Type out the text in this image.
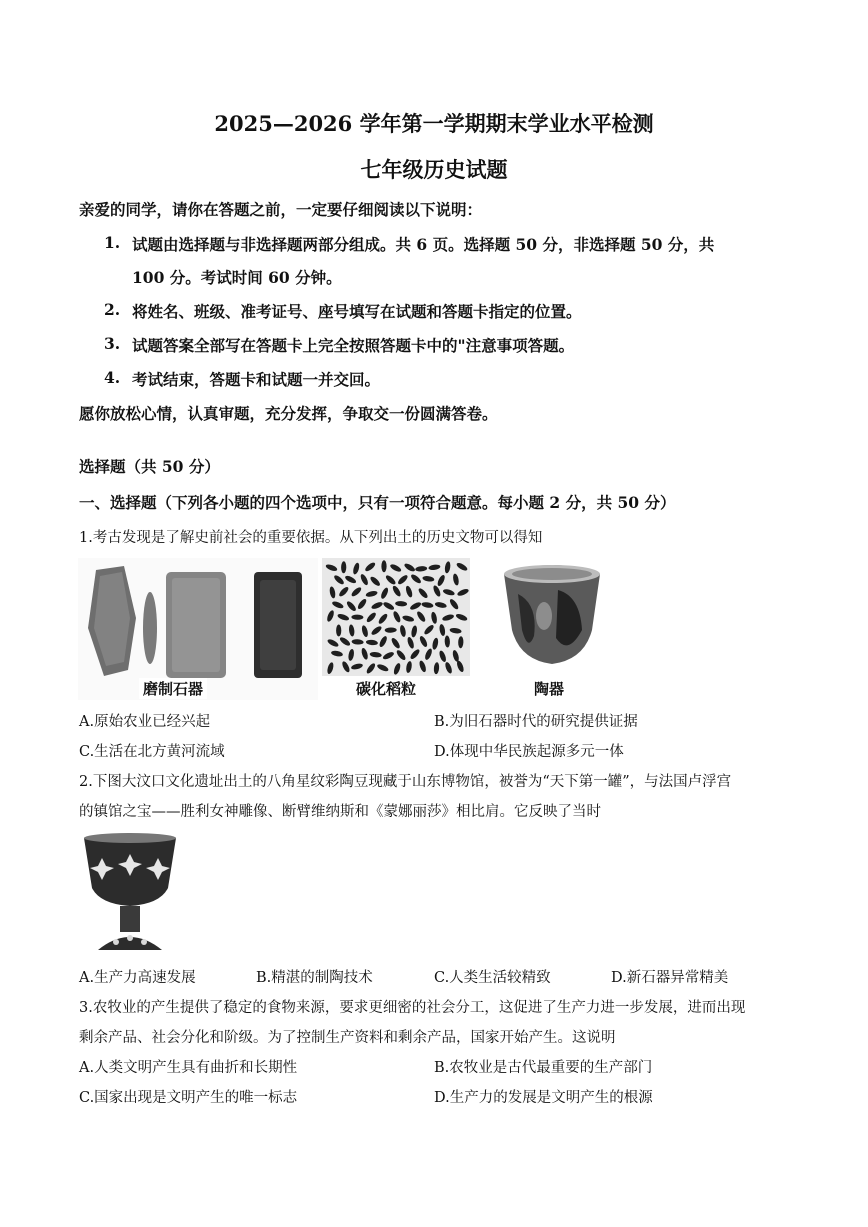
2025—2026 学年第一学期期末学业水平检测
七年级历史试题
亲爱的同学，请你在答题之前，一定要仔细阅读以下说明：
1. 试题由选择题与非选择题两部分组成。共 6 页。选择题 50 分，非选择题 50 分，共
100 分。考试时间 60 分钟。
2. 将姓名、班级、准考证号、座号填写在试题和答题卡指定的位置。
3. 试题答案全部写在答题卡上完全按照答题卡中的"注意事项答题。
4. 考试结束，答题卡和试题一并交回。
愿你放松心情，认真审题，充分发挥，争取交一份圆满答卷。
选择题（共 50 分）
一、选择题（下列各小题的四个选项中，只有一项符合题意。每小题 2 分，共 50 分）
1.考古发现是了解史前社会的重要依据。从下列出土的历史文物可以得知
磨制石器	碳化稻粒	陶器
A.原始农业已经兴起	B.为旧石器时代的研究提供证据
C.生活在北方黄河流域	D.体现中华民族起源多元一体
2.下图大汶口文化遗址出土的八角星纹彩陶豆现藏于山东博物馆，被誉为“天下第一罐”，与法国卢浮宫
的镇馆之宝——胜利女神雕像、断臂维纳斯和《蒙娜丽莎》相比肩。它反映了当时
A.生产力高速发展	B.精湛的制陶技术	C.人类生活较精致	D.新石器异常精美
3.农牧业的产生提供了稳定的食物来源，要求更细密的社会分工，这促进了生产力进一步发展，进而出现
剩余产品、社会分化和阶级。为了控制生产资料和剩余产品，国家开始产生。这说明
A.人类文明产生具有曲折和长期性	B.农牧业是古代最重要的生产部门
C.国家出现是文明产生的唯一标志	D.生产力的发展是文明产生的根源
